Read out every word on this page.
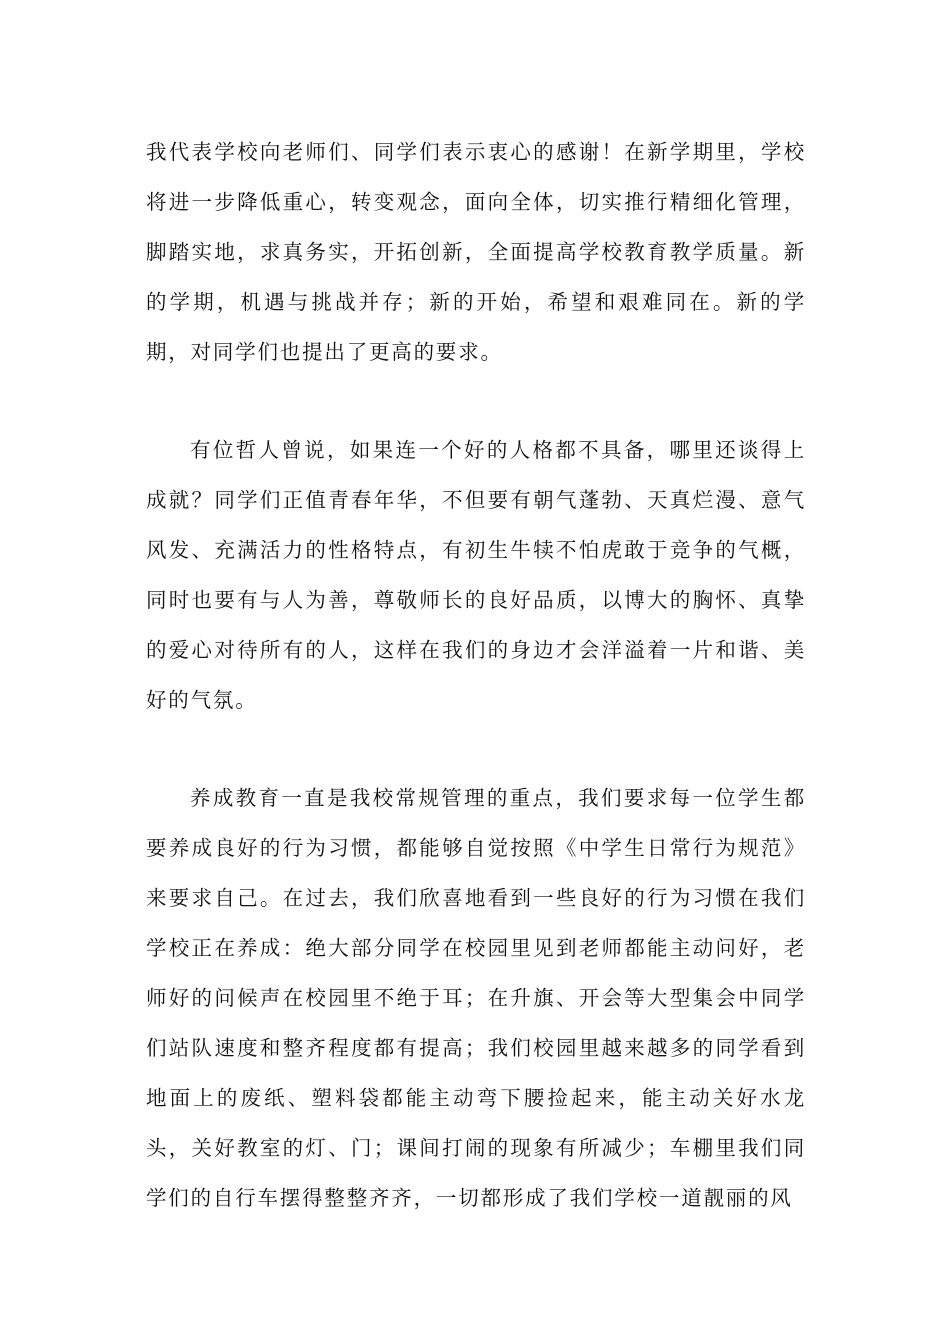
我代表学校向老师们、同学们表示衷心的感谢！在新学期里，学校将进一步降低重心，转变观念，面向全体，切实推行精细化管理，脚踏实地，求真务实，开拓创新，全面提高学校教育教学质量。新的学期，机遇与挑战并存；新的开始，希望和艰难同在。新的学期，对同学们也提出了更高的要求。

有位哲人曾说，如果连一个好的人格都不具备，哪里还谈得上成就？同学们正值青春年华，不但要有朝气蓬勃、天真烂漫、意气风发、充满活力的性格特点，有初生牛犊不怕虎敢于竞争的气概，同时也要有与人为善，尊敬师长的良好品质，以博大的胸怀、真挚的爱心对待所有的人，这样在我们的身边才会洋溢着一片和谐、美好的气氛。

养成教育一直是我校常规管理的重点，我们要求每一位学生都要养成良好的行为习惯，都能够自觉按照《中学生日常行为规范》来要求自己。在过去，我们欣喜地看到一些良好的行为习惯在我们学校正在养成：绝大部分同学在校园里见到老师都能主动问好，老师好的问候声在校园里不绝于耳；在升旗、开会等大型集会中同学们站队速度和整齐程度都有提高；我们校园里越来越多的同学看到地面上的废纸、塑料袋都能主动弯下腰捡起来，能主动关好水龙头，关好教室的灯、门；课间打闹的现象有所减少；车棚里我们同学们的自行车摆得整整齐齐，一切都形成了我们学校一道靓丽的风
